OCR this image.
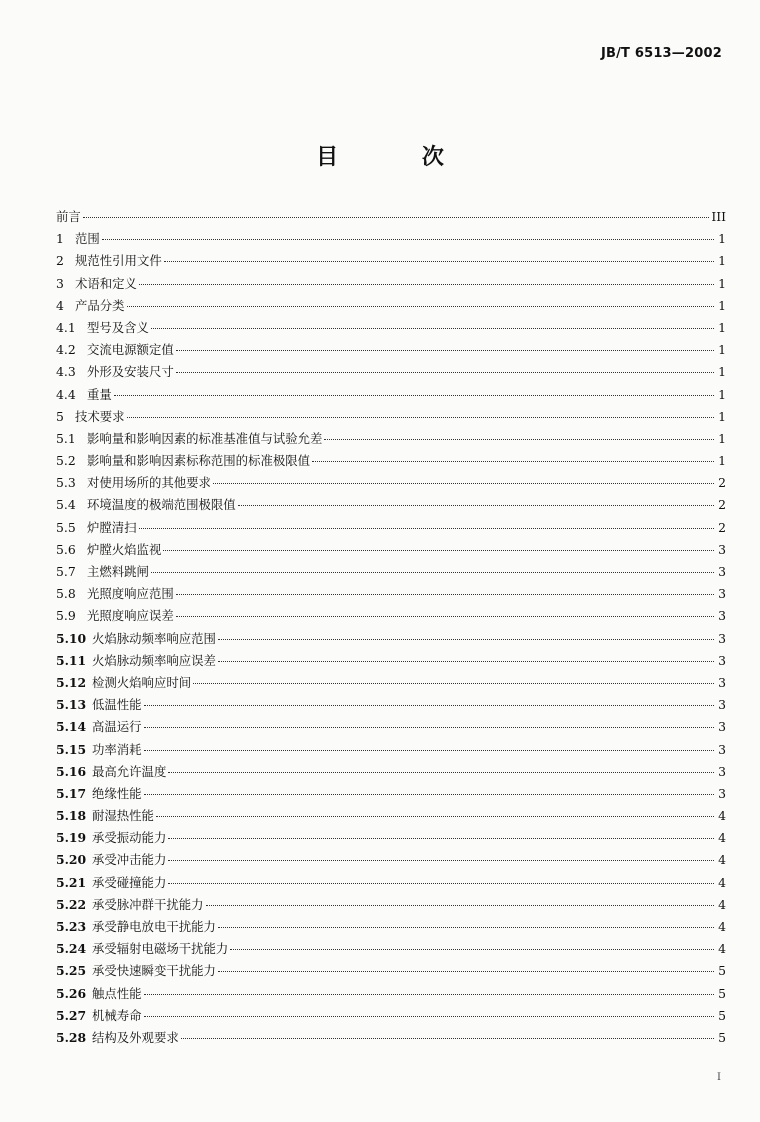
JB/T 6513—2002
目 次
前言	III
1 范围	1
2 规范性引用文件	1
3 术语和定义	1
4 产品分类	1
4.1 型号及含义	1
4.2 交流电源额定值	1
4.3 外形及安装尺寸	1
4.4 重量	1
5 技术要求	1
5.1 影响量和影响因素的标准基准值与试验允差	1
5.2 影响量和影响因素标称范围的标准极限值	1
5.3 对使用场所的其他要求	2
5.4 环境温度的极端范围极限值	2
5.5 炉膛清扫	2
5.6 炉膛火焰监视	3
5.7 主燃料跳闸	3
5.8 光照度响应范围	3
5.9 光照度响应误差	3
5.10 火焰脉动频率响应范围	3
5.11 火焰脉动频率响应误差	3
5.12 检测火焰响应时间	3
5.13 低温性能	3
5.14 高温运行	3
5.15 功率消耗	3
5.16 最高允许温度	3
5.17 绝缘性能	3
5.18 耐湿热性能	4
5.19 承受振动能力	4
5.20 承受冲击能力	4
5.21 承受碰撞能力	4
5.22 承受脉冲群干扰能力	4
5.23 承受静电放电干扰能力	4
5.24 承受辐射电磁场干扰能力	4
5.25 承受快速瞬变干扰能力	5
5.26 触点性能	5
5.27 机械寿命	5
5.28 结构及外观要求	5
I
